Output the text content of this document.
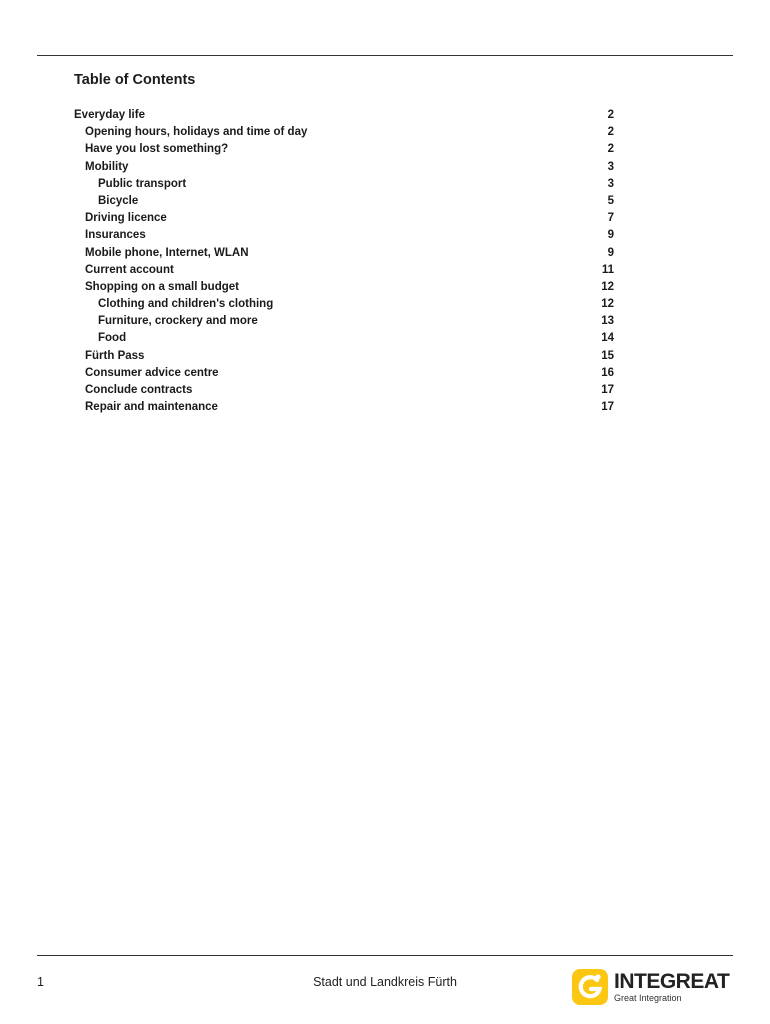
Table of Contents
Everyday life	2
Opening hours, holidays and time of day	2
Have you lost something?	2
Mobility	3
Public transport	3
Bicycle	5
Driving licence	7
Insurances	9
Mobile phone, Internet, WLAN	9
Current account	11
Shopping on a small budget	12
Clothing and children's clothing	12
Furniture, crockery and more	13
Food	14
Fürth Pass	15
Consumer advice centre	16
Conclude contracts	17
Repair and maintenance	17
1	Stadt und Landkreis Fürth	INTEGREAT
Great Integration
